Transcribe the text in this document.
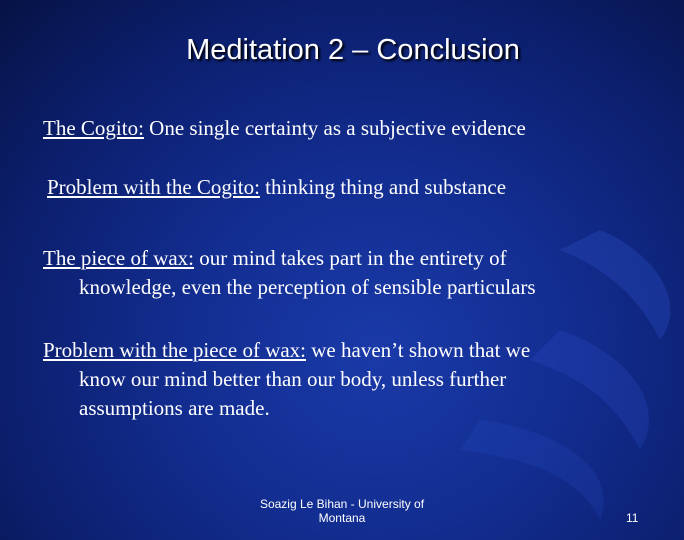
Meditation 2 – Conclusion
The Cogito: One single certainty as a subjective evidence
Problem with the Cogito: thinking thing and substance
The piece of wax: our mind takes part in the entirety of
knowledge, even the perception of sensible particulars
Problem with the piece of wax: we haven’t shown that we
know our mind better than our body, unless further assumptions are made.
Soazig Le Bihan - University of
Montana	11
